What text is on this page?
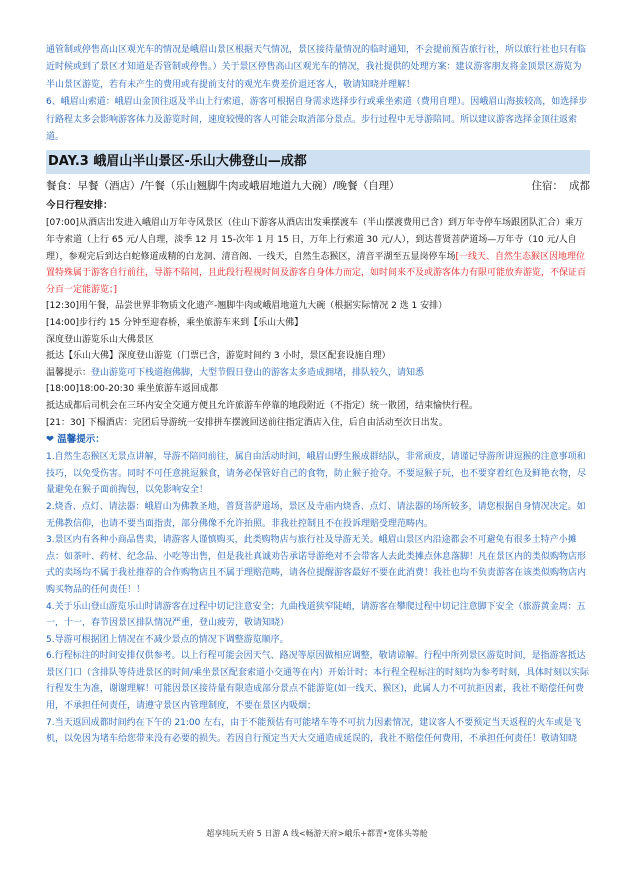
通管制或停售高山区观光车的情况是峨眉山景区根据天气情况，景区接待量情况的临时通知，不会提前预告旅行社，所以旅行社也只有临近时候或到了景区才知道是否管制或停售。）关于景区停售高山区观光车的情况，我社提供的处理方案：建议游客朋友将金顶景区游览为半山景区游览，若有未产生的费用或有提前支付的观光车费差价退还客人，敬请知晓并理解！

6、峨眉山索道：峨眉山金顶往返及半山上行索道，游客可根据自身需求选择步行或乘坐索道（费用自理）。因峨眉山海拔较高，如选择步行路程太多会影响游客体力及游览时间，速度较慢的客人可能会取消部分景点。步行过程中无导游陪同。所以建议游客选择金顶往返索道。

DAY.3 峨眉山半山景区-乐山大佛登山—成都
餐食：早餐（酒店）/午餐（乐山翘脚牛肉或峨眉地道九大碗）/晚餐（自理）	住宿： 成都
今日行程安排：

[07:00]从酒店出发进入峨眉山万年寺风景区（住山下游客从酒店出发乘摆渡车（半山摆渡费用已含）到万年寺停车场跟团队汇合）乘万年寺索道（上行 65 元/人自理，淡季 12 月 15-次年 1 月 15 日，万年上行索道 30 元/人），到达普贤菩萨道场—万年寺（10 元/人自理），参观完后到达白蛇修道成精的白龙洞、清音阁、一线天，自然生态猴区，清音平湖至五显岗停车场[一线天、自然生态猴区因地理位置特殊属于游客自行前往，导游不陪同，且此段行程视时间及游客自身体力而定，如时间来不及或游客体力有限可能放弃游览，不保证百分百一定能游览；]

[12:30]用午餐，品尝世界非物质文化遗产-翘脚牛肉或峨眉地道九大碗（根据实际情况 2 选 1 安排）

[14:00]步行约 15 分钟至迎春桥，乘坐旅游车来到【乐山大佛】

深度登山游览乐山大佛景区

抵达【乐山大佛】深度登山游览（门票已含，游览时间约 3 小时，景区配套设施自理）

温馨提示：登山游览可下栈道抱佛脚，大型节假日登山的游客太多造成拥堵，排队较久，请知悉

[18:00]18:00-20:30 乘坐旅游车返回成都

抵达成都后司机会在三环内安全交通方便且允许旅游车停靠的地段附近（不指定）统一散团，结束愉快行程。

[21：30] 下榻酒店：完团后导游统一安排拼车摆渡回送前往指定酒店入住，后自由活动至次日出发。

❤ 温馨提示：

1.自然生态猴区无景点讲解，导游不陪同前往，属自由活动时间，峨眉山野生猴成群结队，非常顽皮，请谨记导游所讲逗猴的注意事项和技巧，以免受伤害。同时不可任意挑逗猴食，请务必保管好自己的食物，防止猴子抢夺。不要逗猴子玩，也不要穿着红色及鲜艳衣物，尽量避免在猴子面前掏包，以免影响安全！

2.烧香、点灯、请法器：峨眉山为佛教圣地，普贤菩萨道场，景区及寺庙内烧香、点灯、请法器的场所较多，请您根据自身情况决定。如无佛教信仰，也请不要当面指责，部分佛像不允许拍照。非我社控制且不在投诉理赔受理范畴内。

3.景区内有各种小商品售卖，请游客人谨慎购买，此类购物店与旅行社及导游无关。峨眉山景区内沿途都会不可避免有很多土特产小摊点：如茶叶、药材、纪念品、小吃等出售，但是我社真诚劝告承诺导游绝对不会带客人去此类摊点休息落脚！凡在景区内的类似购物店形式的卖场均不属于我社推荐的合作购物店且不属于理赔范畴，请各位提醒游客最好不要在此消费！我社也均不负责游客在该类似购物店内购买物品的任何责任！！

4.关于乐山登山游览乐山时请游客在过程中切记注意安全；九曲栈道狭窄陡峭，请游客在攀爬过程中切记注意脚下安全（旅游黄金周：五一，十一，春节因景区排队情况严重，登山疲劳，敬请知晓）

5.导游可根据团上情况在不减少景点的情况下调整游览顺序。

6.行程标注的时间安排仅供参考。以上行程可能会因天气、路况等原因做相应调整，敬请谅解。行程中所列景区游览时间，是指游客抵达景区门口（含排队等待进景区的时间/乘坐景区配套索道小交通等在内）开始计时；本行程全程标注的时刻均为参考时刻，具体时刻以实际行程发生为准，谢谢理解！可能因景区接待量有限造成部分景点不能游览(如一线天、猴区)，此属人力不可抗拒因素，我社不赔偿任何费用，不承担任何责任，请遵守景区内管理制度，不要在景区内吸烟；

7.当天返回成都时间约在下午的 21:00 左右，由于不能预估有可能堵车等不可抗力因素情况，建议客人不要预定当天返程的火车或是飞机，以免因为堵车给您带来没有必要的损失。若因自行预定当天大交通造成延误的，我社不赔偿任何费用，不承担任何责任！敬请知晓

超享纯玩天府 5 日游 A 线<畅游天府>峨乐+都青•宽体头等舱
